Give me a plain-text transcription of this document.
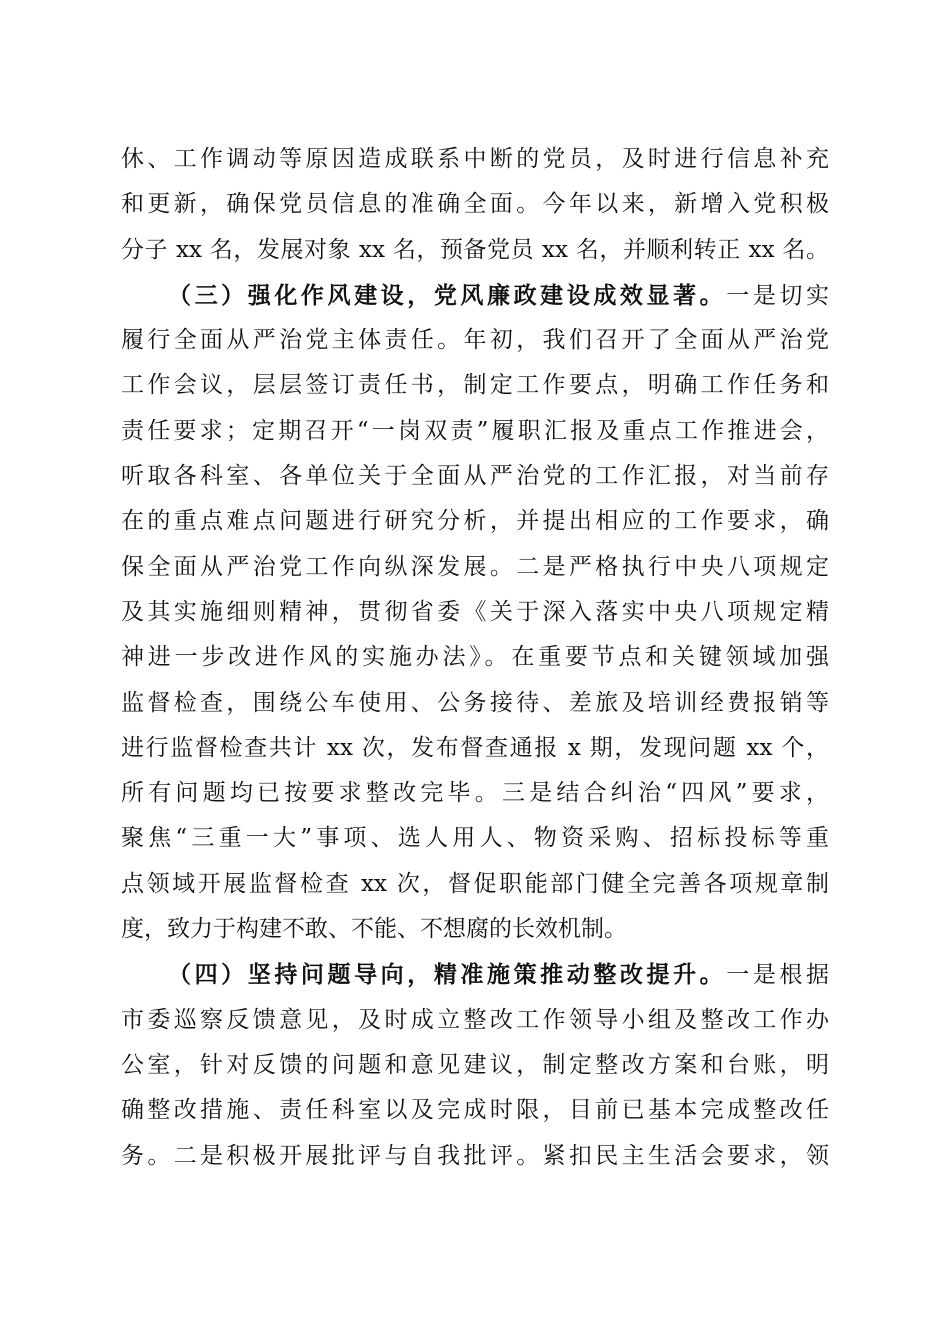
休、工作调动等原因造成联系中断的党员，及时进行信息补充
和更新，确保党员信息的准确全面。今年以来，新增入党积极
分子 xx 名，发展对象 xx 名，预备党员 xx 名，并顺利转正 xx 名。
（三）强化作风建设，党风廉政建设成效显著。一是切实
履行全面从严治党主体责任。年初，我们召开了全面从严治党
工作会议，层层签订责任书，制定工作要点，明确工作任务和
责任要求；定期召开“一岗双责”履职汇报及重点工作推进会，
听取各科室、各单位关于全面从严治党的工作汇报，对当前存
在的重点难点问题进行研究分析，并提出相应的工作要求，确
保全面从严治党工作向纵深发展。二是严格执行中央八项规定
及其实施细则精神，贯彻省委《关于深入落实中央八项规定精
神进一步改进作风的实施办法》。在重要节点和关键领域加强
监督检查，围绕公车使用、公务接待、差旅及培训经费报销等
进行监督检查共计 xx 次，发布督查通报 x 期，发现问题 xx 个，
所有问题均已按要求整改完毕。三是结合纠治“四风”要求，
聚焦“三重一大”事项、选人用人、物资采购、招标投标等重
点领域开展监督检查 xx 次，督促职能部门健全完善各项规章制
度，致力于构建不敢、不能、不想腐的长效机制。
（四）坚持问题导向，精准施策推动整改提升。一是根据
市委巡察反馈意见，及时成立整改工作领导小组及整改工作办
公室，针对反馈的问题和意见建议，制定整改方案和台账，明
确整改措施、责任科室以及完成时限，目前已基本完成整改任
务。二是积极开展批评与自我批评。紧扣民主生活会要求，领
